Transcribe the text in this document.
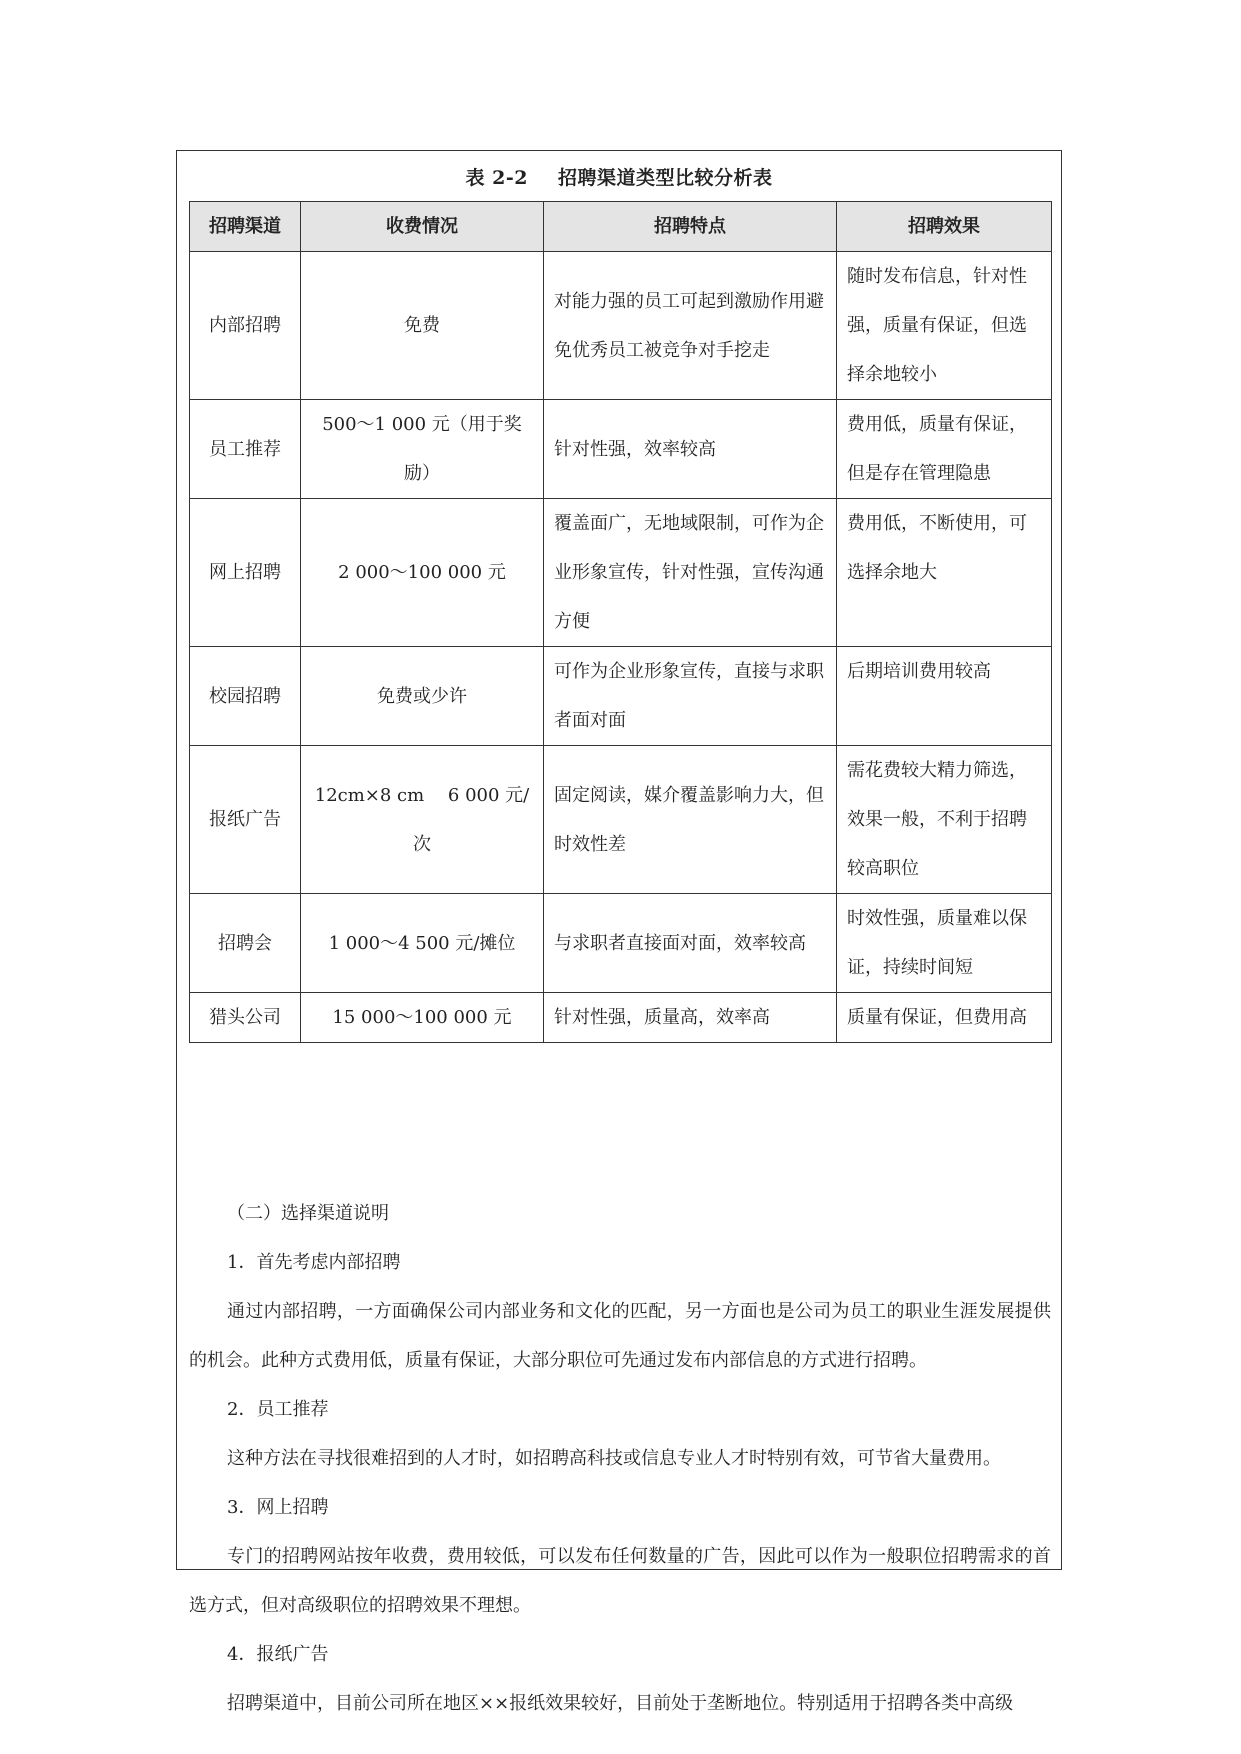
表 2-2 招聘渠道类型比较分析表
招聘渠道	收费情况	招聘特点	招聘效果
内部招聘	免费	对能力强的员工可起到激励作用避免优秀员工被竞争对手挖走	随时发布信息，针对性强，质量有保证，但选择余地较小
员工推荐	500～1 000 元（用于奖励）	针对性强，效率较高	费用低，质量有保证，但是存在管理隐患
网上招聘	2 000～100 000 元	覆盖面广，无地域限制，可作为企业形象宣传，针对性强，宣传沟通方便	费用低，不断使用，可选择余地大
校园招聘	免费或少许	可作为企业形象宣传，直接与求职者面对面	后期培训费用较高
报纸广告	12cm×8 cm　 6 000 元/次	固定阅读，媒介覆盖影响力大，但时效性差	需花费较大精力筛选，效果一般，不利于招聘较高职位
招聘会	1 000～4 500 元/摊位	与求职者直接面对面，效率较高	时效性强，质量难以保证，持续时间短
猎头公司	15 000～100 000 元	针对性强，质量高，效率高	质量有保证，但费用高

（二）选择渠道说明

1．首先考虑内部招聘

通过内部招聘，一方面确保公司内部业务和文化的匹配，另一方面也是公司为员工的职业生涯发展提供的机会。此种方式费用低，质量有保证，大部分职位可先通过发布内部信息的方式进行招聘。

2．员工推荐

这种方法在寻找很难招到的人才时，如招聘高科技或信息专业人才时特别有效，可节省大量费用。

3．网上招聘

专门的招聘网站按年收费，费用较低，可以发布任何数量的广告，因此可以作为一般职位招聘需求的首选方式，但对高级职位的招聘效果不理想。

4．报纸广告

招聘渠道中，目前公司所在地区××报纸效果较好，目前处于垄断地位。特别适用于招聘各类中高级
